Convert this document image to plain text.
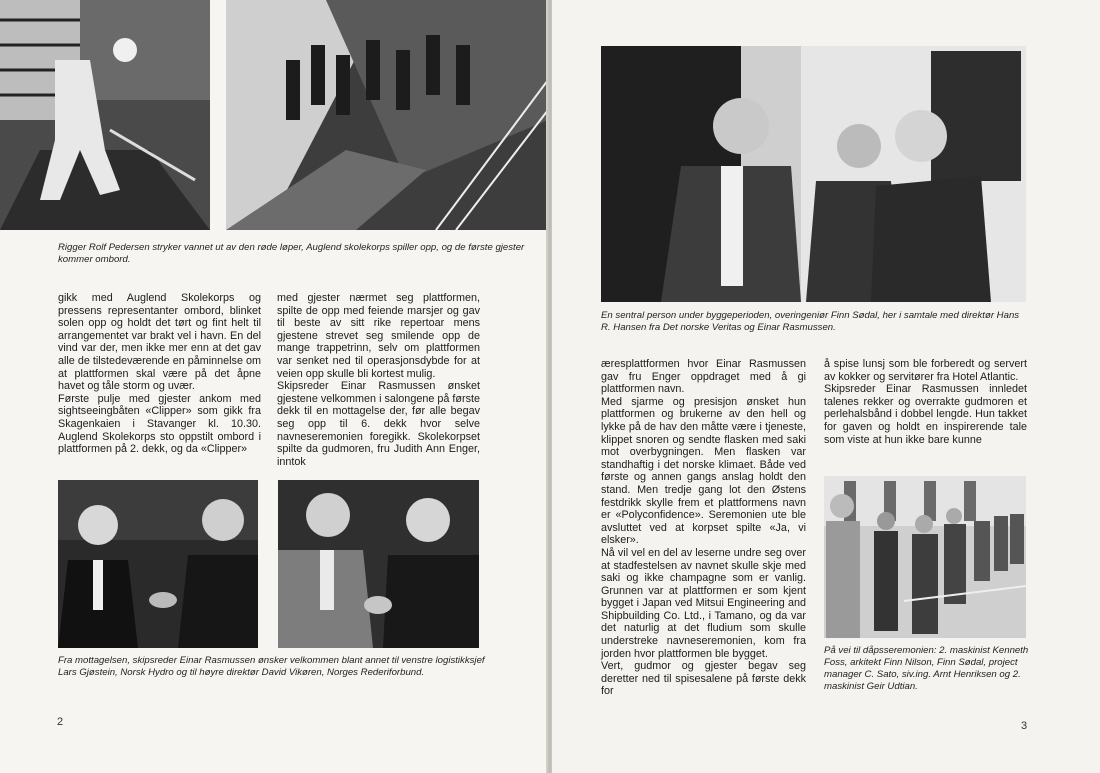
Rigger Rolf Pedersen stryker vannet ut av den røde løper, Auglend skolekorps spiller opp, og de første gjester kommer ombord.
gikk med Auglend Skolekorps og pressens representanter ombord, blinket solen opp og holdt det tørt og fint helt til arrangementet var brakt vel i havn. En del vind var der, men ikke mer enn at det gav alle de tilstedeværende en påminnelse om at plattformen skal være på det åpne havet og tåle storm og uvær.
Første pulje med gjester ankom med sightseeingbåten «Clipper» som gikk fra Skagenkaien i Stavanger kl. 10.30. Auglend Skolekorps sto oppstilt ombord i plattformen på 2. dekk, og da «Clipper»
med gjester nærmet seg plattformen, spilte de opp med feiende marsjer og gav til beste av sitt rike repertoar mens gjestene strevet seg smilende opp de mange trappetrinn, selv om plattformen var senket ned til operasjonsdybde for at veien opp skulle bli kortest mulig.
Skipsreder Einar Rasmussen ønsket gjestene velkommen i salongene på første dekk til en mottagelse der, før alle begav seg opp til 6. dekk hvor selve navneseremonien foregikk. Skolekorpset spilte da gudmoren, fru Judith Ann Enger, inntok
Fra mottagelsen, skipsreder Einar Rasmussen ønsker velkommen blant annet til venstre logistikksjef Lars Gjøstein, Norsk Hydro og til høyre direktør David Vikøren, Norges Rederiforbund.
2
En sentral person under byggeperioden, overingeniør Finn Sødal, her i samtale med direktør Hans R. Hansen fra Det norske Veritas og Einar Rasmussen.
æresplattformen hvor Einar Rasmussen gav fru Enger oppdraget med å gi plattformen navn.
Med sjarme og presisjon ønsket hun plattformen og brukerne av den hell og lykke på de hav den måtte være i tjeneste, klippet snoren og sendte flasken med saki mot overbygningen. Men flasken var standhaftig i det norske klimaet. Både ved første og annen gangs anslag holdt den stand. Men tredje gang lot den Østens festdrikk skylle frem et plattformens navn er «Polyconfidence». Seremonien ute ble avsluttet ved at korpset spilte «Ja, vi elsker».
Nå vil vel en del av leserne undre seg over at stadfestelsen av navnet skulle skje med saki og ikke champagne som er vanlig. Grunnen var at plattformen er som kjent bygget i Japan ved Mitsui Engineering and Shipbuilding Co. Ltd., i Tamano, og da var det naturlig at det fludium som skulle understreke navneseremonien, kom fra jorden hvor plattformen ble bygget.
Vert, gudmor og gjester begav seg deretter ned til spisesalene på første dekk for
å spise lunsj som ble forberedt og servert av kokker og servitører fra Hotel Atlantic.
Skipsreder Einar Rasmussen innledet talenes rekker og overrakte gudmoren et perlehalsbånd i dobbel lengde. Hun takket for gaven og holdt en inspirerende tale som viste at hun ikke bare kunne
På vei til dåpsseremonien: 2. maskinist Kenneth Foss, arkitekt Finn Nilson, Finn Sødal, project manager C. Sato, siv.ing. Arnt Henriksen og 2. maskinist Geir Udtian.
3
